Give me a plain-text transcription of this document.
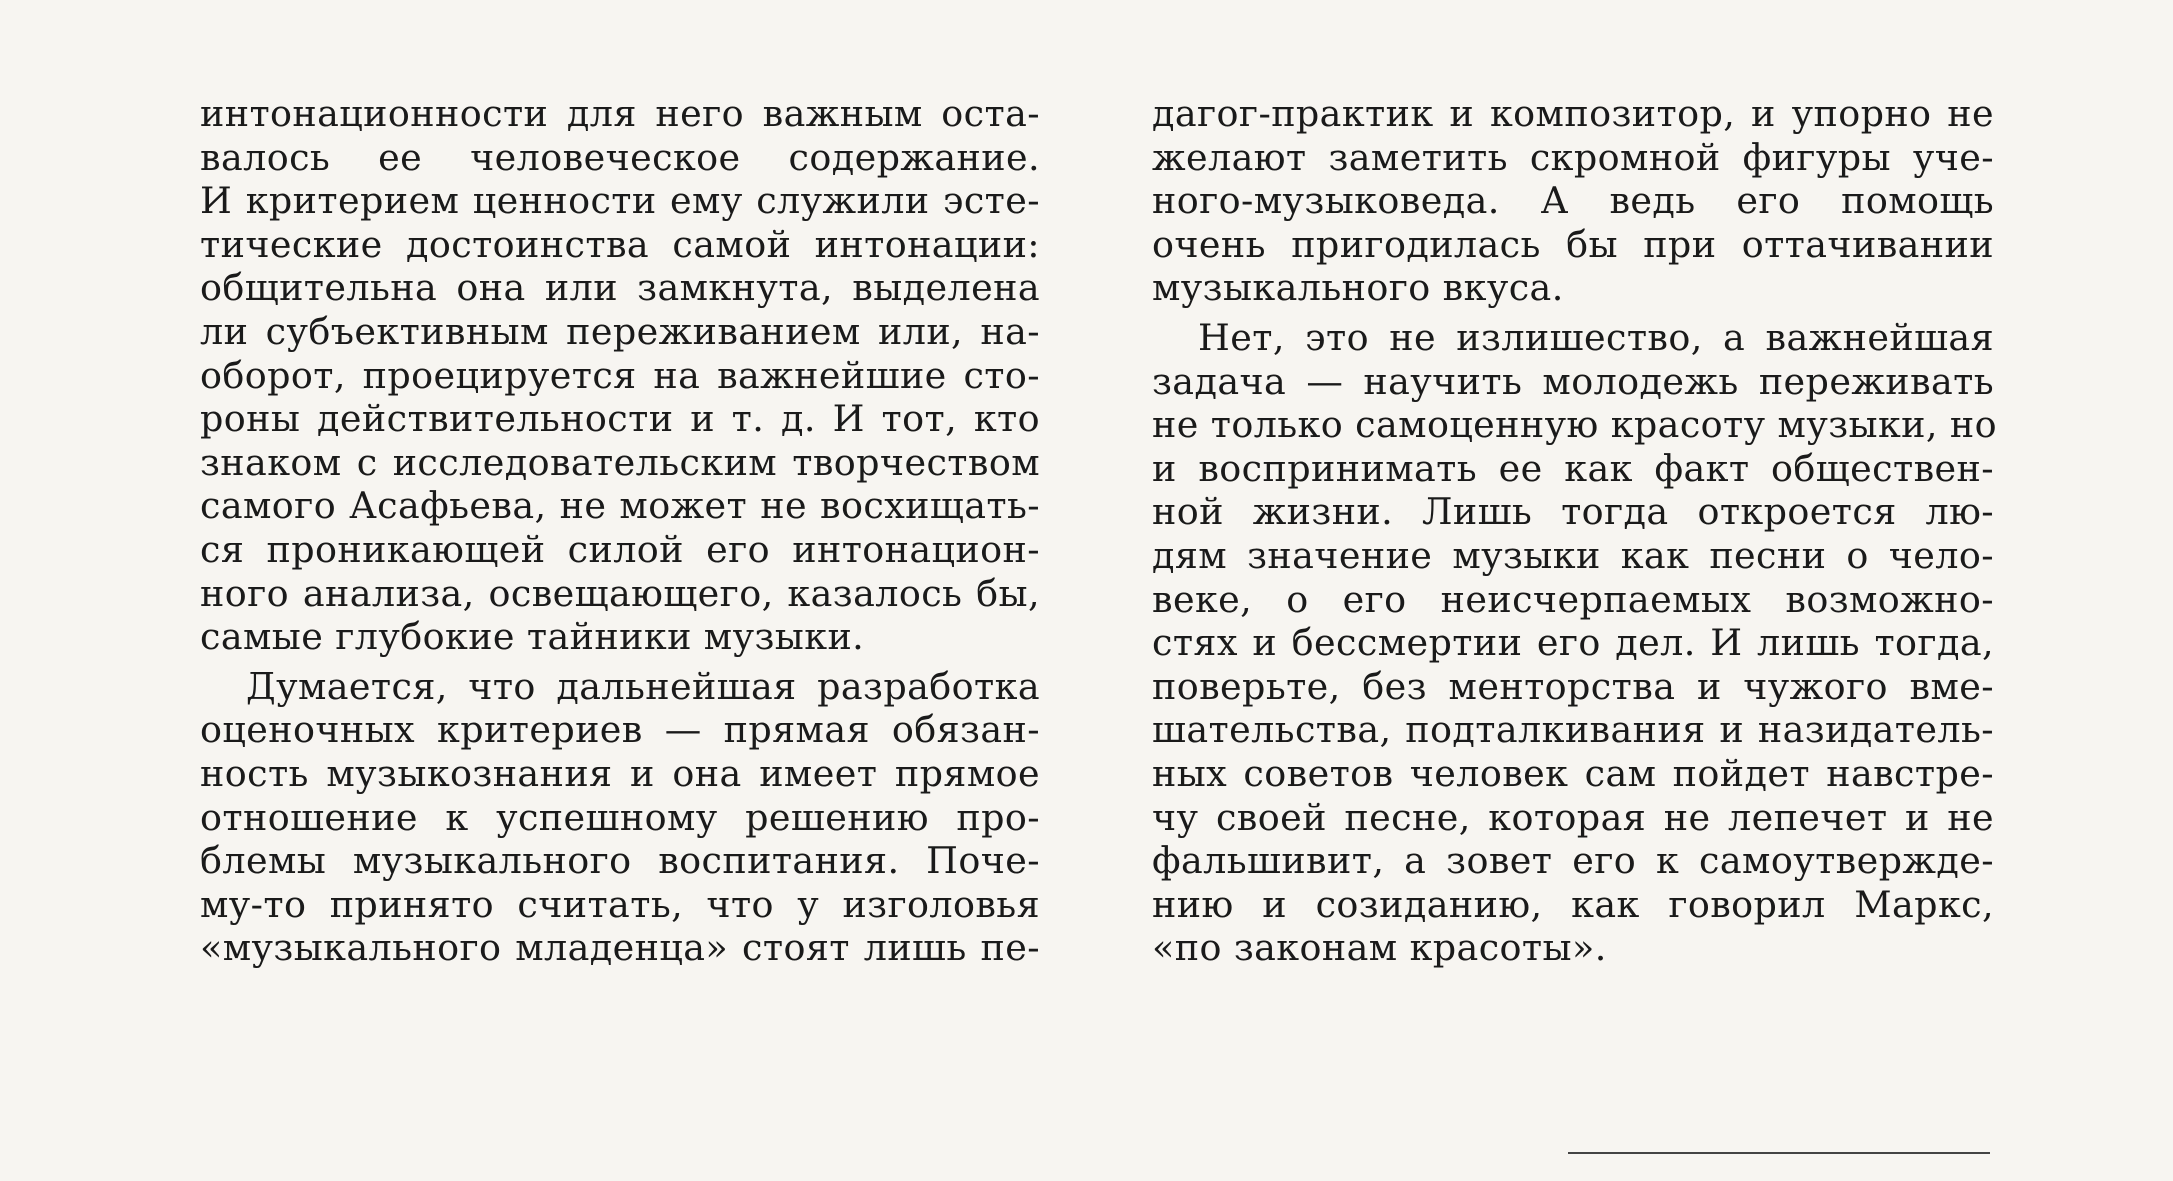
интонационности для него важным оста-
валось ее человеческое содержание.
И критерием ценности ему служили эсте-
тические достоинства самой интонации:
общительна она или замкнута, выделена
ли субъективным переживанием или, на-
оборот, проецируется на важнейшие сто-
роны действительности и т. д. И тот, кто
знаком с исследовательским творчеством
самого Асафьева, не может не восхищать-
ся проникающей силой его интонацион-
ного анализа, освещающего, казалось бы,
самые глубокие тайники музыки.
Думается, что дальнейшая разработка
оценочных критериев — прямая обязан-
ность музыкознания и она имеет прямое
отношение к успешному решению про-
блемы музыкального воспитания. Поче-
му-то принято считать, что у изголовья
«музыкального младенца» стоят лишь пе-
дагог-практик и композитор, и упорно не
желают заметить скромной фигуры уче-
ного-музыковеда. А ведь его помощь
очень пригодилась бы при оттачивании
музыкального вкуса.
Нет, это не излишество, а важнейшая
задача — научить молодежь переживать
не только самоценную красоту музыки, но
и воспринимать ее как факт обществен-
ной жизни. Лишь тогда откроется лю-
дям значение музыки как песни о чело-
веке, о его неисчерпаемых возможно-
стях и бессмертии его дел. И лишь тогда,
поверьте, без менторства и чужого вме-
шательства, подталкивания и назидатель-
ных советов человек сам пойдет навстре-
чу своей песне, которая не лепечет и не
фальшивит, а зовет его к самоутвержде-
нию и созиданию, как говорил Маркс,
«по законам красоты».
